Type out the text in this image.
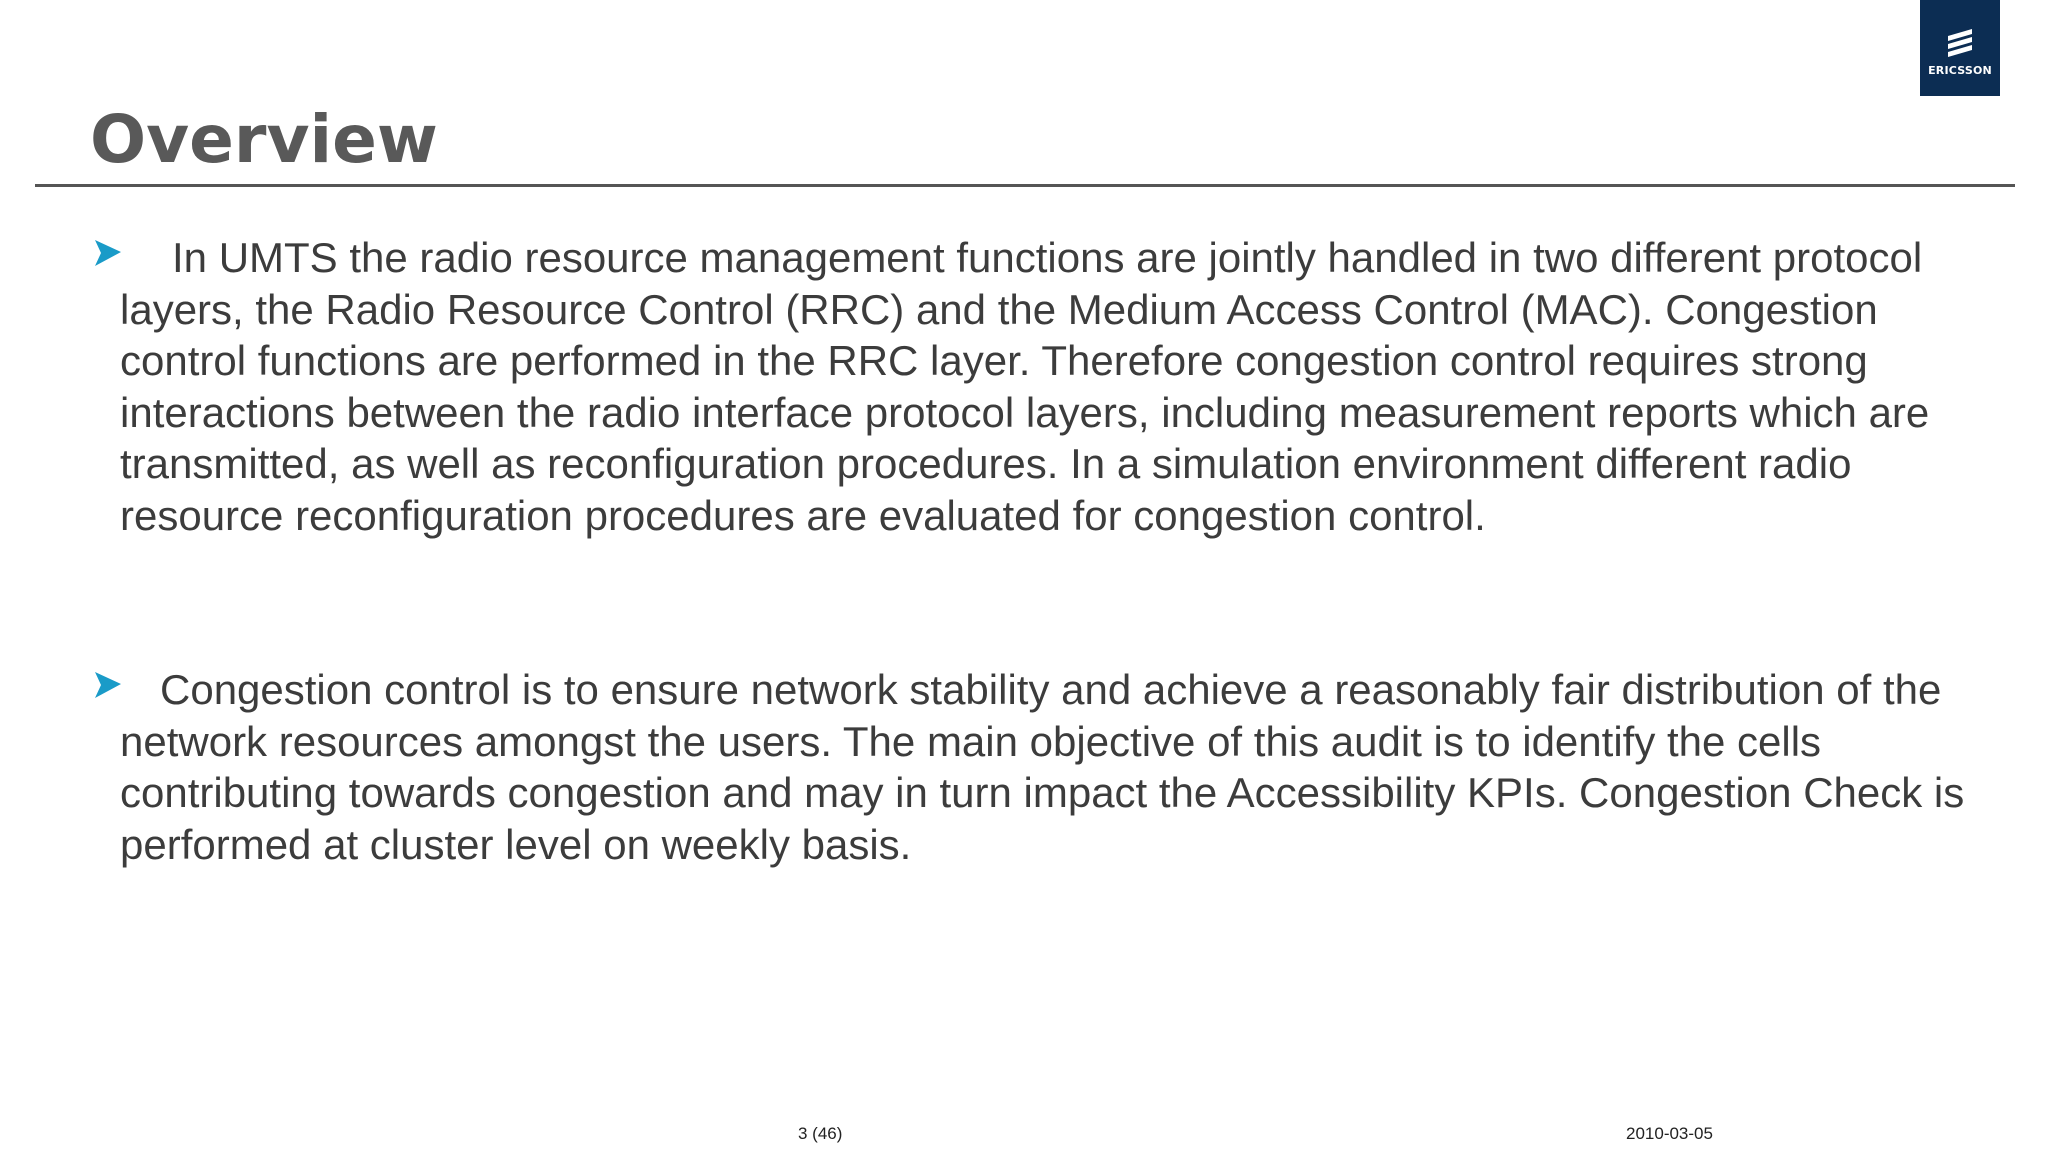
ERICSSON
Overview

In UMTS the radio resource management functions are jointly handled in two different protocol layers, the Radio Resource Control (RRC) and the Medium Access Control (MAC). Congestion control functions are performed in the RRC layer. Therefore congestion control requires strong interactions between the radio interface protocol layers, including measurement reports which are transmitted, as well as reconfiguration procedures. In a simulation environment different radio resource reconfiguration procedures are evaluated for congestion control.

Congestion control is to ensure network stability and achieve a reasonably fair distribution of the network resources amongst the users. The main objective of this audit is to identify the cells contributing towards congestion and may in turn impact the Accessibility KPIs. Congestion Check is performed at cluster level on weekly basis.

3 (46)	2010-03-05
